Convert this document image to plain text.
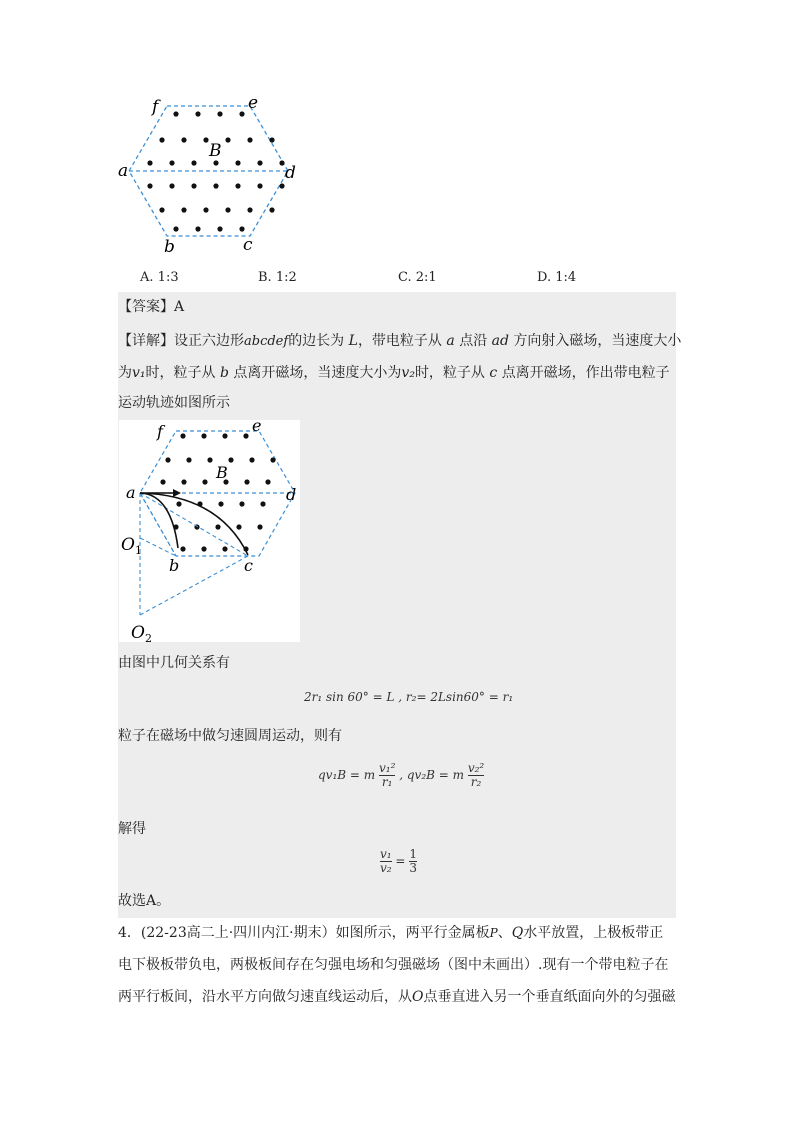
f	e
a	d
b	c
B
A. 1:3	B. 1:2	C. 2:1	D. 1:4
【答案】A
【详解】设正六边形abcdef的边长为 L，带电粒子从 a 点沿 ad 方向射入磁场，当速度大小
为v₁时，粒子从 b 点离开磁场，当速度大小为v₂时，粒子从 c 点离开磁场，作出带电粒子
运动轨迹如图所示
f	e
a	d
b	c
B
$O_1$
$O_2$
由图中几何关系有
2r₁ sin 60° = L , r₂= 2Lsin60° = r₁
粒子在磁场中做匀速圆周运动，则有
qv₁B = m $\frac{\text{v₁²}}{\text{r₁}}$ , qv₂B = m $\frac{\text{v₂²}}{\text{r₂}}$
解得
$\frac{\text{v₁}}{\text{v₂}} = \frac{1}{3}$
故选A。
4．(22-23高二上·四川内江·期末）如图所示，两平行金属板P、Q水平放置，上极板带正
电下极板带负电，两极板间存在匀强电场和匀强磁场（图中未画出）.现有一个带电粒子在
两平行板间，沿水平方向做匀速直线运动后，从O点垂直进入另一个垂直纸面向外的匀强磁
